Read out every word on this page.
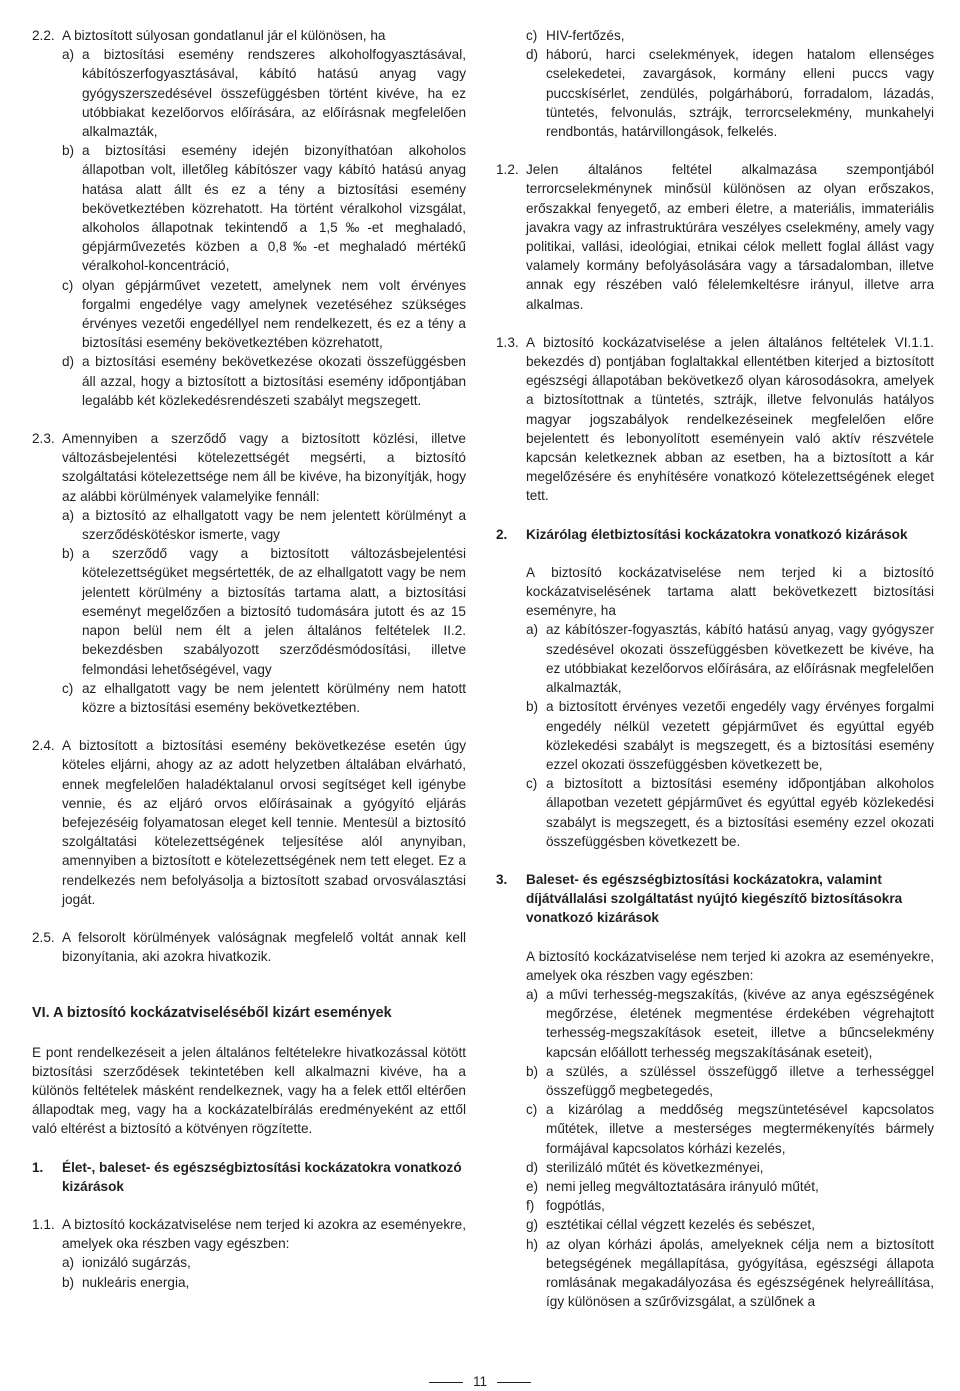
2.2. A biztosított súlyosan gondatlanul jár el különösen, ha

a) a biztosítási esemény rendszeres alkoholfogyasztásával, kábítószerfogyasztásával, kábító hatású anyag vagy gyógyszerszedésével összefüggésben történt kivéve, ha ez utóbbiakat kezelőorvos előírására, az előírásnak megfelelően alkalmazták,

b) a biztosítási esemény idején bizonyíthatóan alkoholos állapotban volt, illetőleg kábítószer vagy kábító hatású anyag hatása alatt állt és ez a tény a biztosítási esemény bekövetkeztében közrehatott. Ha történt véralkohol vizsgálat, alkoholos állapotnak tekintendő a 1,5‰-et meghaladó, gépjárművezetés közben a 0,8‰-et meghaladó mértékű véralkohol-koncentráció,

c) olyan gépjárművet vezetett, amelynek nem volt érvényes forgalmi engedélye vagy amelynek vezetéséhez szükséges érvényes vezetői engedéllyel nem rendelkezett, és ez a tény a biztosítási esemény bekövetkeztében közrehatott,

d) a biztosítási esemény bekövetkezése okozati összefüggésben áll azzal, hogy a biztosított a biztosítási esemény időpontjában legalább két közlekedésrendészeti szabályt megszegett.

2.3. Amennyiben a szerződő vagy a biztosított közlési, illetve változásbejelentési kötelezettségét megsérti, a biztosító szolgáltatási kötelezettsége nem áll be kivéve, ha bizonyítják, hogy az alábbi körülmények valamelyike fennáll:

a) a biztosító az elhallgatott vagy be nem jelentett körülményt a szerződéskötéskor ismerte, vagy

b) a szerződő vagy a biztosított változásbejelentési kötelezettségüket megsértették, de az elhallgatott vagy be nem jelentett körülmény a biztosítás tartama alatt, a biztosítási eseményt megelőzően a biztosító tudomására jutott és az 15 napon belül nem élt a jelen általános feltételek II.2. bekezdésben szabályozott szerződésmódosítási, illetve felmondási lehetőségével, vagy

c) az elhallgatott vagy be nem jelentett körülmény nem hatott közre a biztosítási esemény bekövetkeztében.

2.4. A biztosított a biztosítási esemény bekövetkezése esetén úgy köteles eljárni, ahogy az az adott helyzetben általában elvárható, ennek megfelelően haladéktalanul orvosi segítséget kell igénybe vennie, és az eljáró orvos előírásainak a gyógyító eljárás befejezéséig folyamatosan eleget kell tennie. Mentesül a biztosító szolgáltatási kötelezettségének teljesítése alól anynyiban, amennyiben a biztosított e kötelezettségének nem tett eleget. Ez a rendelkezés nem befolyásolja a biztosított szabad orvosválasztási jogát.

2.5. A felsorolt körülmények valóságnak megfelelő voltát annak kell bizonyítania, aki azokra hivatkozik.

VI. A biztosító kockázatviseléséből kizárt események

E pont rendelkezéseit a jelen általános feltételekre hivatkozással kötött biztosítási szerződések tekintetében kell alkalmazni kivéve, ha a különös feltételek másként rendelkeznek, vagy ha a felek ettől eltérően állapodtak meg, vagy ha a kockázatelbírálás eredményeként az ettől való eltérést a biztosító a kötvényen rögzítette.

1. Élet-, baleset- és egészségbiztosítási kockázatokra vonatkozó kizárások
1.1. A biztosító kockázatviselése nem terjed ki azokra az eseményekre, amelyek oka részben vagy egészben:

a) ionizáló sugárzás,

b) nukleáris energia,

c) HIV-fertőzés,

d) háború, harci cselekmények, idegen hatalom ellenséges cselekedetei, zavargások, kormány elleni puccs vagy puccskísérlet, zendülés, polgárháború, forradalom, lázadás, tüntetés, felvonulás, sztrájk, terrorcselekmény, munkahelyi rendbontás, határvillongások, felkelés.

1.2. Jelen általános feltétel alkalmazása szempontjából terrorcselekménynek minősül különösen az olyan erőszakos, erőszakkal fenyegető, az emberi életre, a materiális, immateriális javakra vagy az infrastruktúrára veszélyes cselekmény, amely vagy politikai, vallási, ideológiai, etnikai célok mellett foglal állást vagy valamely kormány befolyásolására vagy a társadalomban, illetve annak egy részében való félelemkeltésre irányul, illetve arra alkalmas.

1.3. A biztosító kockázatviselése a jelen általános feltételek VI.1.1. bekezdés d) pontjában foglaltakkal ellentétben kiterjed a biztosított egészségi állapotában bekövetkező olyan károsodásokra, amelyek a biztosítottnak a tüntetés, sztrájk, illetve felvonulás hatályos magyar jogszabályok rendelkezéseinek megfelelően előre bejelentett és lebonyolított eseményein való aktív részvétele kapcsán keletkeznek abban az esetben, ha a biztosított a kár megelőzésére és enyhítésére vonatkozó kötelezettségének eleget tett.

2. Kizárólag életbiztosítási kockázatokra vonatkozó kizárások

A biztosító kockázatviselése nem terjed ki a biztosító kockázatviselésének tartama alatt bekövetkezett biztosítási eseményre, ha

a) az kábítószer-fogyasztás, kábító hatású anyag, vagy gyógyszer szedésével okozati összefüggésben következett be kivéve, ha ez utóbbiakat kezelőorvos előírására, az előírásnak megfelelően alkalmazták,

b) a biztosított érvényes vezetői engedély vagy érvényes forgalmi engedély nélkül vezetett gépjárművet és egyúttal egyéb közlekedési szabályt is megszegett, és a biztosítási esemény ezzel okozati összefüggésben következett be,

c) a biztosított a biztosítási esemény időpontjában alkoholos állapotban vezetett gépjárművet és egyúttal egyéb közlekedési szabályt is megszegett, és a biztosítási esemény ezzel okozati összefüggésben következett be.

3. Baleset- és egészségbiztosítási kockázatokra, valamint díjátvállalási szolgáltatást nyújtó kiegészítő biztosításokra vonatkozó kizárások

A biztosító kockázatviselése nem terjed ki azokra az eseményekre, amelyek oka részben vagy egészben:

a) a művi terhesség-megszakítás, (kivéve az anya egészségének megőrzése, életének megmentése érdekében végrehajtott terhesség-megszakítások eseteit, illetve a bűncselekmény kapcsán előállott terhesség megszakításának eseteit),

b) a szülés, a szüléssel összefüggő illetve a terhességgel összefüggő megbetegedés,

c) a kizárólag a meddőség megszüntetésével kapcsolatos műtétek, illetve a mesterséges megtermékenyítés bármely formájával kapcsolatos kórházi kezelés,

d) sterilizáló műtét és következményei,

e) nemi jelleg megváltoztatására irányuló műtét,

f) fogpótlás,

g) esztétikai céllal végzett kezelés és sebészet,

h) az olyan kórházi ápolás, amelyeknek célja nem a biztosított betegségének megállapítása, gyógyítása, egészségi állapota romlásának megakadályozása és egészségének helyreállítása, így különösen a szűrővizsgálat, a szülőnek a

11
